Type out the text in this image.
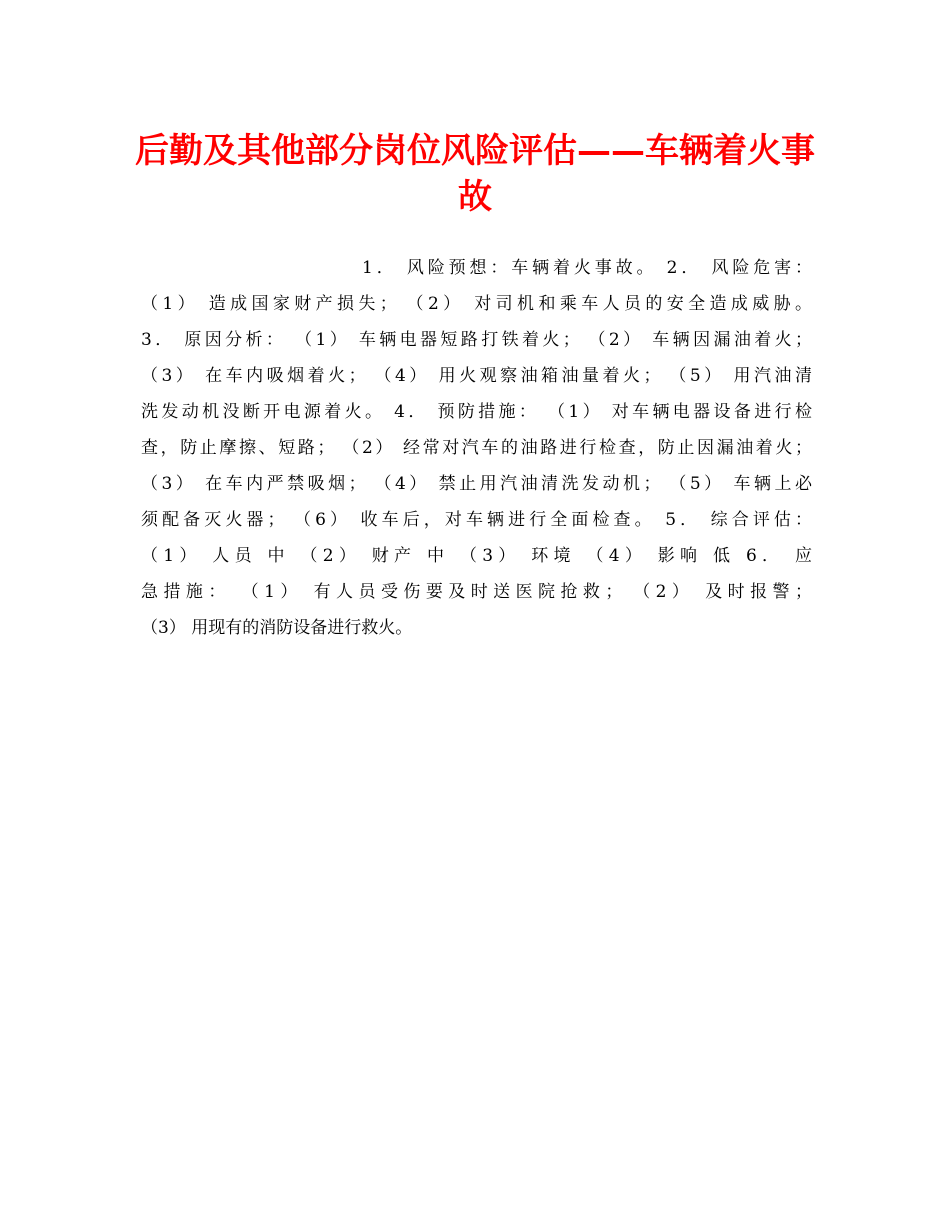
后勤及其他部分岗位风险评估——车辆着火事故

1． 风险预想：车辆着火事故。 2． 风险危害：

（1） 造成国家财产损失； （2） 对司机和乘车人员的安全造成威胁。

3． 原因分析： （1） 车辆电器短路打铁着火； （2） 车辆因漏油着火；

（3） 在车内吸烟着火； （4） 用火观察油箱油量着火； （5） 用汽油清

洗发动机没断开电源着火。 4． 预防措施： （1） 对车辆电器设备进行检

查，防止摩擦、短路； （2） 经常对汽车的油路进行检查，防止因漏油着火；

（3） 在车内严禁吸烟； （4） 禁止用汽油清洗发动机； （5） 车辆上必

须配备灭火器； （6） 收车后，对车辆进行全面检查。 5． 综合评估：

（1） 人员 中 （2） 财产 中 （3） 环境 （4） 影响 低 6． 应

急措施： （1） 有人员受伤要及时送医院抢救； （2） 及时报警；

（3） 用现有的消防设备进行救火。
